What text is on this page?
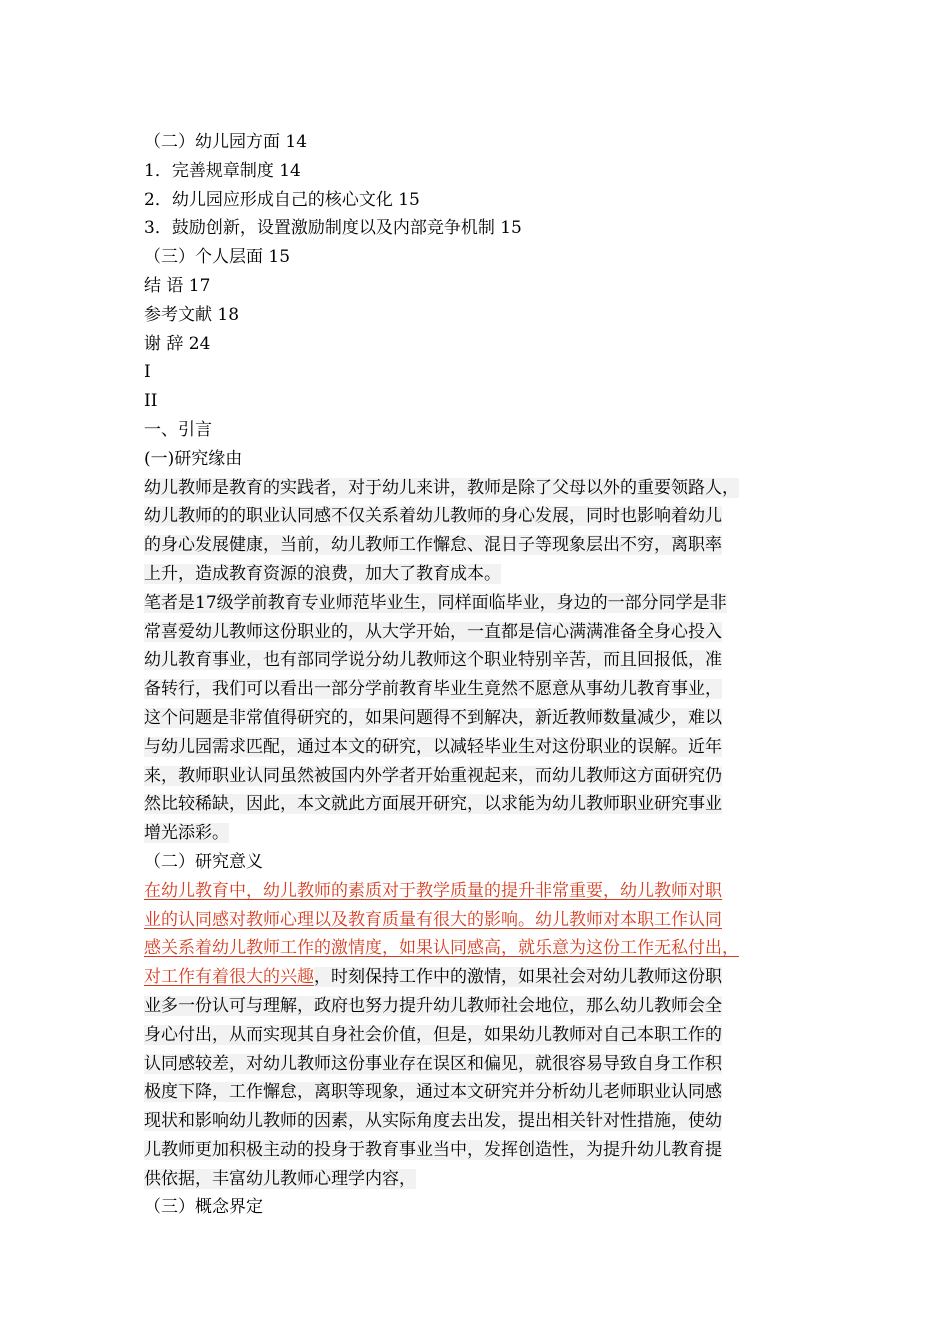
（二）幼儿园方面 14
1．完善规章制度 14
2．幼儿园应形成自己的核心文化 15
3．鼓励创新，设置激励制度以及内部竞争机制 15
（三）个人层面 15
结 语 17
参考文献 18
谢 辞 24
I
II
一、引言
(一)研究缘由
幼儿教师是教育的实践者，对于幼儿来讲，教师是除了父母以外的重要领路人，
幼儿教师的的职业认同感不仅关系着幼儿教师的身心发展，同时也影响着幼儿
的身心发展健康，当前，幼儿教师工作懈怠、混日子等现象层出不穷，离职率
上升，造成教育资源的浪费，加大了教育成本。
笔者是17级学前教育专业师范毕业生，同样面临毕业，身边的一部分同学是非
常喜爱幼儿教师这份职业的，从大学开始，一直都是信心满满准备全身心投入
幼儿教育事业，也有部同学说分幼儿教师这个职业特别辛苦，而且回报低，准
备转行，我们可以看出一部分学前教育毕业生竟然不愿意从事幼儿教育事业，
这个问题是非常值得研究的，如果问题得不到解决，新近教师数量减少，难以
与幼儿园需求匹配，通过本文的研究，以减轻毕业生对这份职业的误解。近年
来，教师职业认同虽然被国内外学者开始重视起来，而幼儿教师这方面研究仍
然比较稀缺，因此，本文就此方面展开研究，以求能为幼儿教师职业研究事业
增光添彩。
（二）研究意义
在幼儿教育中，幼儿教师的素质对于教学质量的提升非常重要，幼儿教师对职
业的认同感对教师心理以及教育质量有很大的影响。幼儿教师对本职工作认同
感关系着幼儿教师工作的激情度，如果认同感高，就乐意为这份工作无私付出，
对工作有着很大的兴趣，时刻保持工作中的激情，如果社会对幼儿教师这份职
业多一份认可与理解，政府也努力提升幼儿教师社会地位，那么幼儿教师会全
身心付出，从而实现其自身社会价值，但是，如果幼儿教师对自己本职工作的
认同感较差，对幼儿教师这份事业存在误区和偏见，就很容易导致自身工作积
极度下降，工作懈怠，离职等现象，通过本文研究并分析幼儿老师职业认同感
现状和影响幼儿教师的因素，从实际角度去出发，提出相关针对性措施，使幼
儿教师更加积极主动的投身于教育事业当中，发挥创造性，为提升幼儿教育提
供依据，丰富幼儿教师心理学内容，
（三）概念界定
